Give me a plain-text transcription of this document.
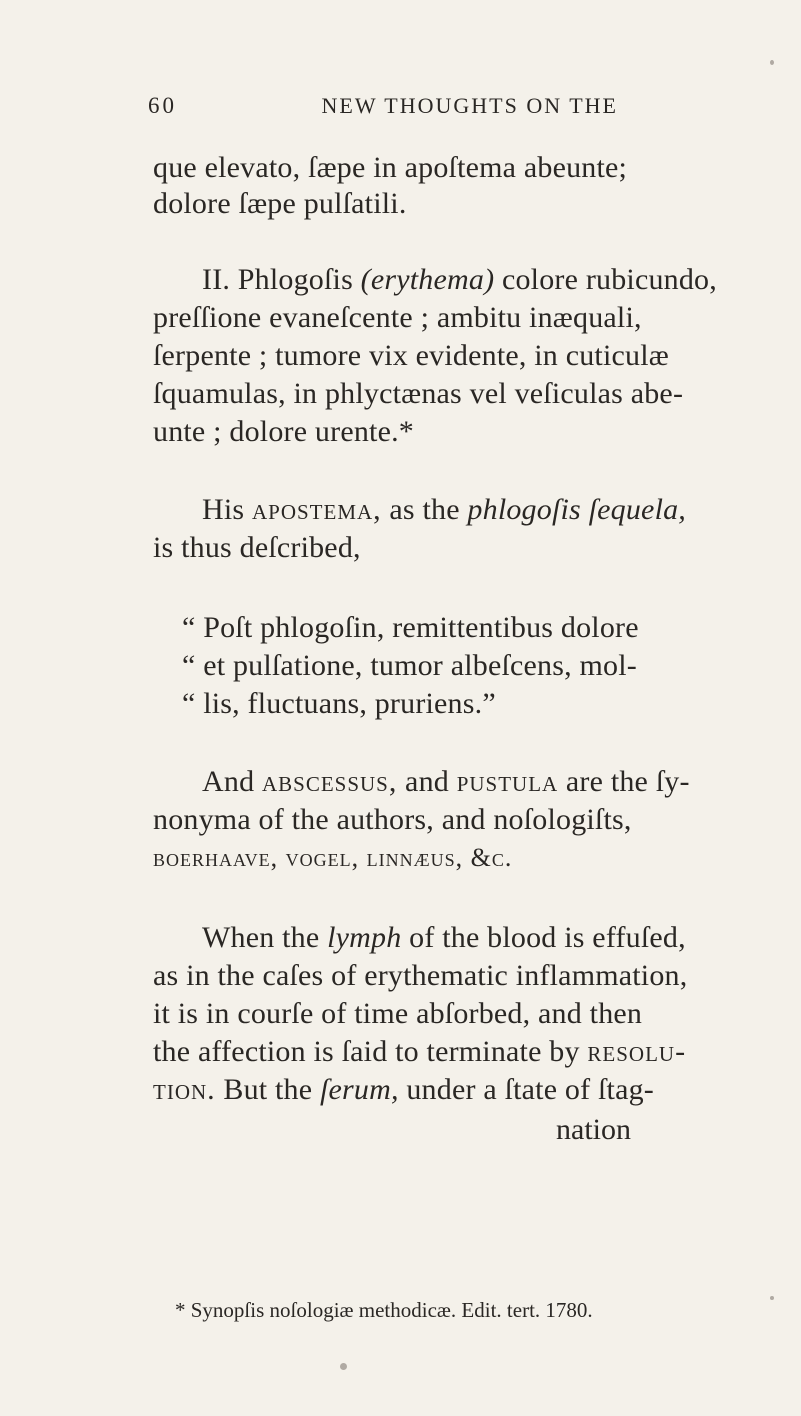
60	NEW THOUGHTS ON THE
que elevato, ſæpe in apoſtema abeunte;
dolore ſæpe pulſatili.
II. Phlogoſis (erythema) colore rubicundo,
preſſione evaneſcente ; ambitu inæquali,
ſerpente ; tumore vix evidente, in cuticulæ
ſquamulas, in phlyctænas vel veſiculas abe-
unte ; dolore urente.*
His apostema, as the phlogoſis ſequela,
is thus deſcribed,
“ Poſt phlogoſin, remittentibus dolore
“ et pulſatione, tumor albeſcens, mol-
“ lis, fluctuans, pruriens.”
And abscessus, and pustula are the ſy-
nonyma of the authors, and noſologiſts,
boerhaave, vogel, linnæus, &c.
When the lymph of the blood is effuſed,
as in the caſes of erythematic inflammation,
it is in courſe of time abſorbed, and then
the affection is ſaid to terminate by resolu-
tion. But the ſerum, under a ſtate of ſtag-
nation
* Synopſis noſologiæ methodicæ. Edit. tert. 1780.
